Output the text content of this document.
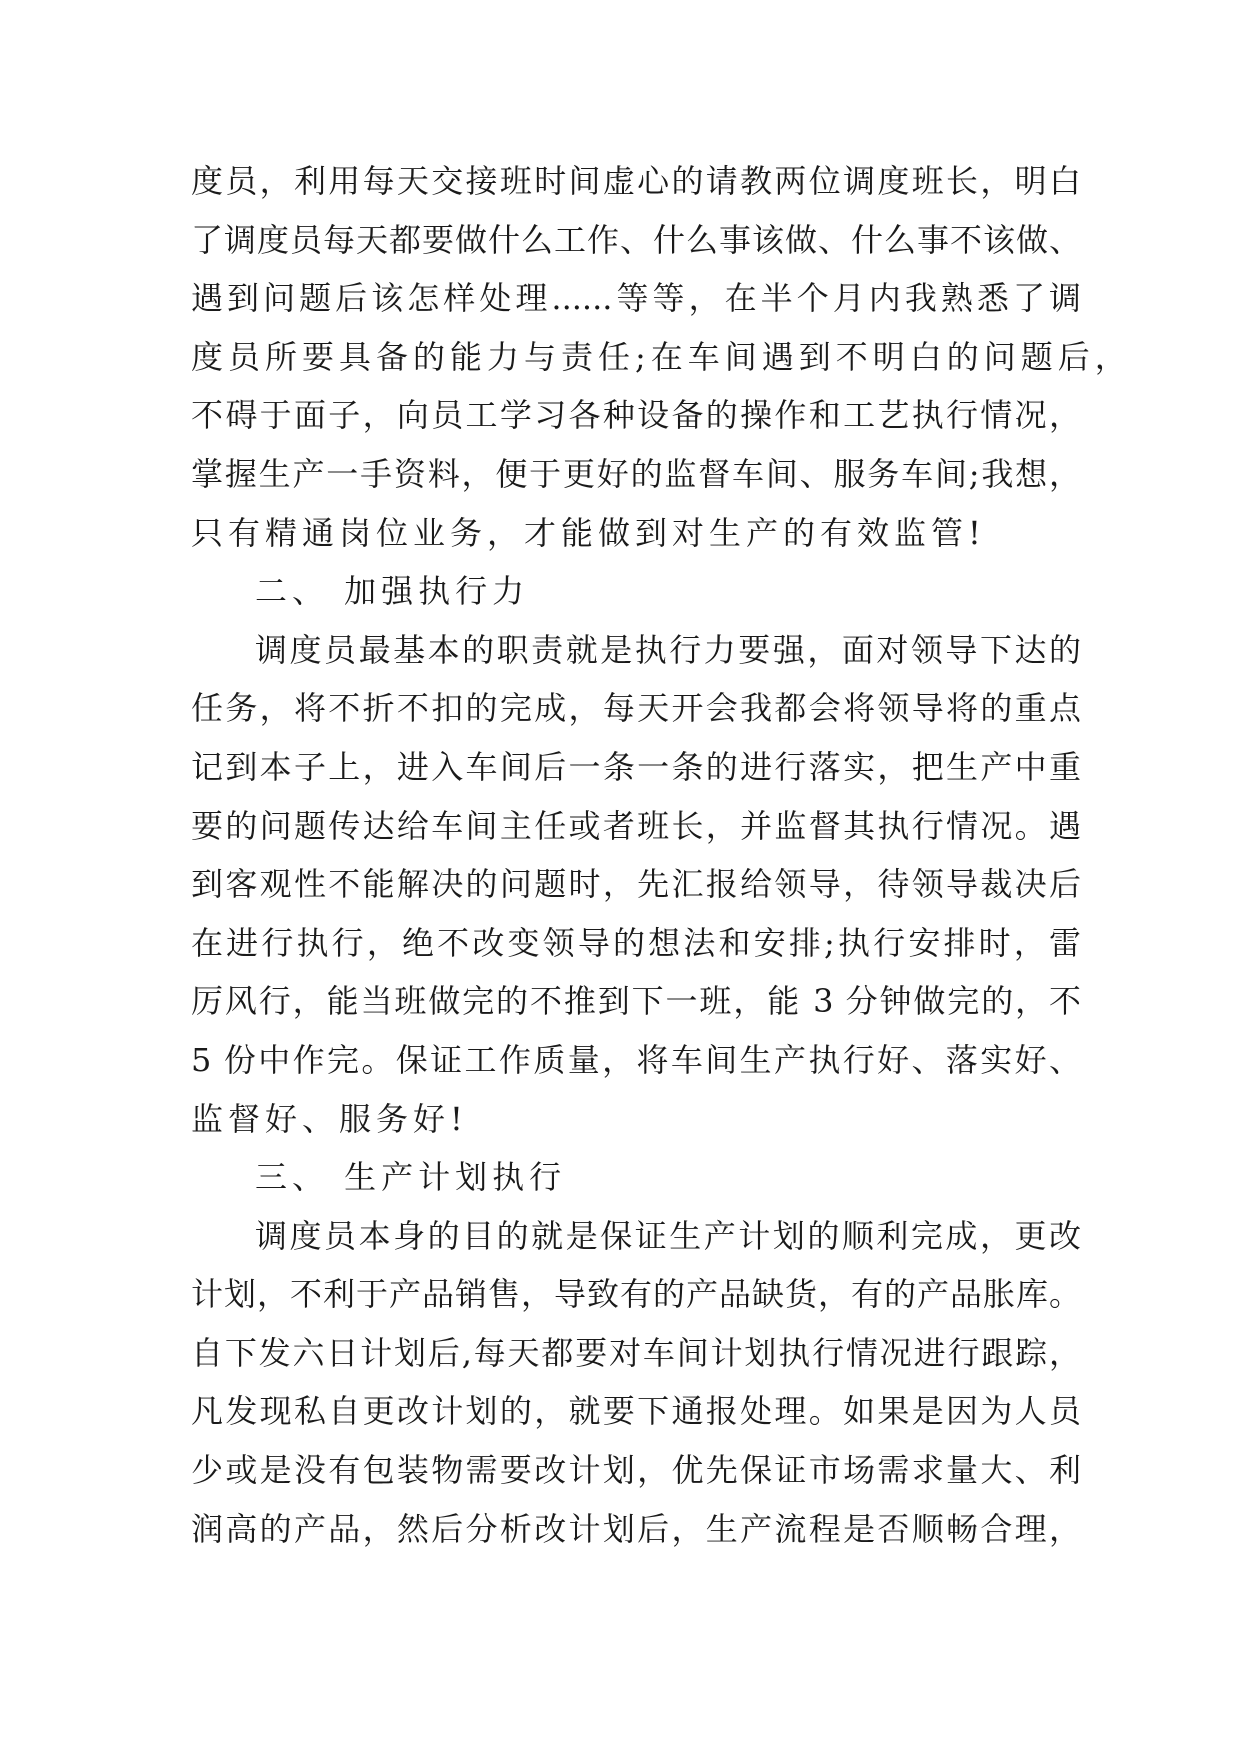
度员，利用每天交接班时间虚心的请教两位调度班长，明白
了调度员每天都要做什么工作、什么事该做、什么事不该做、
遇到问题后该怎样处理......等等，在半个月内我熟悉了调
度员所要具备的能力与责任;在车间遇到不明白的问题后，
不碍于面子，向员工学习各种设备的操作和工艺执行情况，
掌握生产一手资料，便于更好的监督车间、服务车间;我想，
只有精通岗位业务，才能做到对生产的有效监管!
二、 加强执行力
调度员最基本的职责就是执行力要强，面对领导下达的
任务，将不折不扣的完成，每天开会我都会将领导将的重点
记到本子上，进入车间后一条一条的进行落实，把生产中重
要的问题传达给车间主任或者班长，并监督其执行情况。遇
到客观性不能解决的问题时，先汇报给领导，待领导裁决后
在进行执行，绝不改变领导的想法和安排;执行安排时，雷
厉风行，能当班做完的不推到下一班，能 3 分钟做完的，不
5 份中作完。保证工作质量，将车间生产执行好、落实好、
监督好、服务好!
三、 生产计划执行
调度员本身的目的就是保证生产计划的顺利完成，更改
计划，不利于产品销售，导致有的产品缺货，有的产品胀库。
自下发六日计划后,每天都要对车间计划执行情况进行跟踪，
凡发现私自更改计划的，就要下通报处理。如果是因为人员
少或是没有包装物需要改计划，优先保证市场需求量大、利
润高的产品，然后分析改计划后，生产流程是否顺畅合理，
